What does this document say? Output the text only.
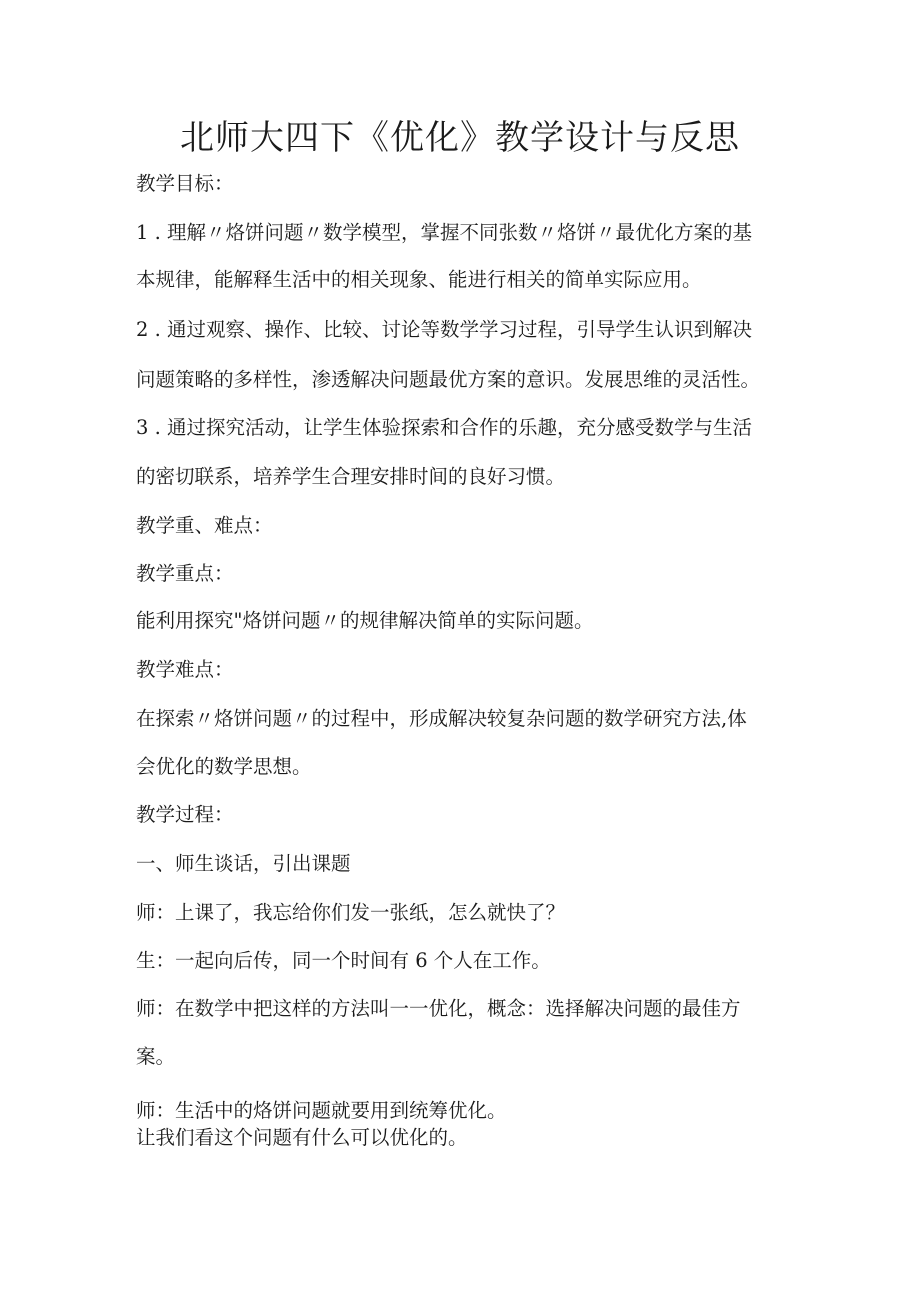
北师大四下《优化》教学设计与反思

教学目标：

1 . 理解〃烙饼问题〃数学模型，掌握不同张数〃烙饼〃最优化方案的基

本规律，能解释生活中的相关现象、能进行相关的简单实际应用。

2 . 通过观察、操作、比较、讨论等数学学习过程，引导学生认识到解决

问题策略的多样性，渗透解决问题最优方案的意识。发展思维的灵活性。

3 . 通过探究活动，让学生体验探索和合作的乐趣，充分感受数学与生活

的密切联系，培养学生合理安排时间的良好习惯。

教学重、难点：

教学重点：

能利用探究"烙饼问题〃的规律解决简单的实际问题。

教学难点：

在探索〃烙饼问题〃的过程中，形成解决较复杂问题的数学研究方法,体

会优化的数学思想。

教学过程：

一、师生谈话，引出课题

师：上课了，我忘给你们发一张纸，怎么就快了？

生：一起向后传，同一个时间有 6 个人在工作。

师：在数学中把这样的方法叫一一优化，概念：选择解决问题的最佳方

案。

师：生活中的烙饼问题就要用到统筹优化。

让我们看这个问题有什么可以优化的。
